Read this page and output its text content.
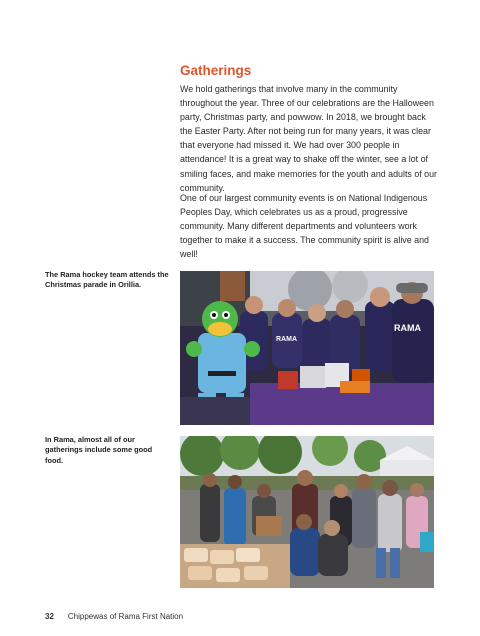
Gatherings

We hold gatherings that involve many in the community throughout the year. Three of our celebrations are the Halloween party, Christmas party, and powwow. In 2018, we brought back the Easter Party. After not being run for many years, it was clear that everyone had missed it. We had over 300 people in attendance! It is a great way to shake off the winter, see a lot of smiling faces, and make memories for the youth and adults of our community.

One of our largest community events is on National Indigenous Peoples Day, which celebrates us as a proud, progressive community. Many different departments and volunteers work together to make it a success. The community spirit is alive and well!

The Rama hockey team attends the Christmas parade in Orillia.

In Rama, almost all of our gatherings include some good food.

RAMA
RAMA
32 Chippewas of Rama First Nation
